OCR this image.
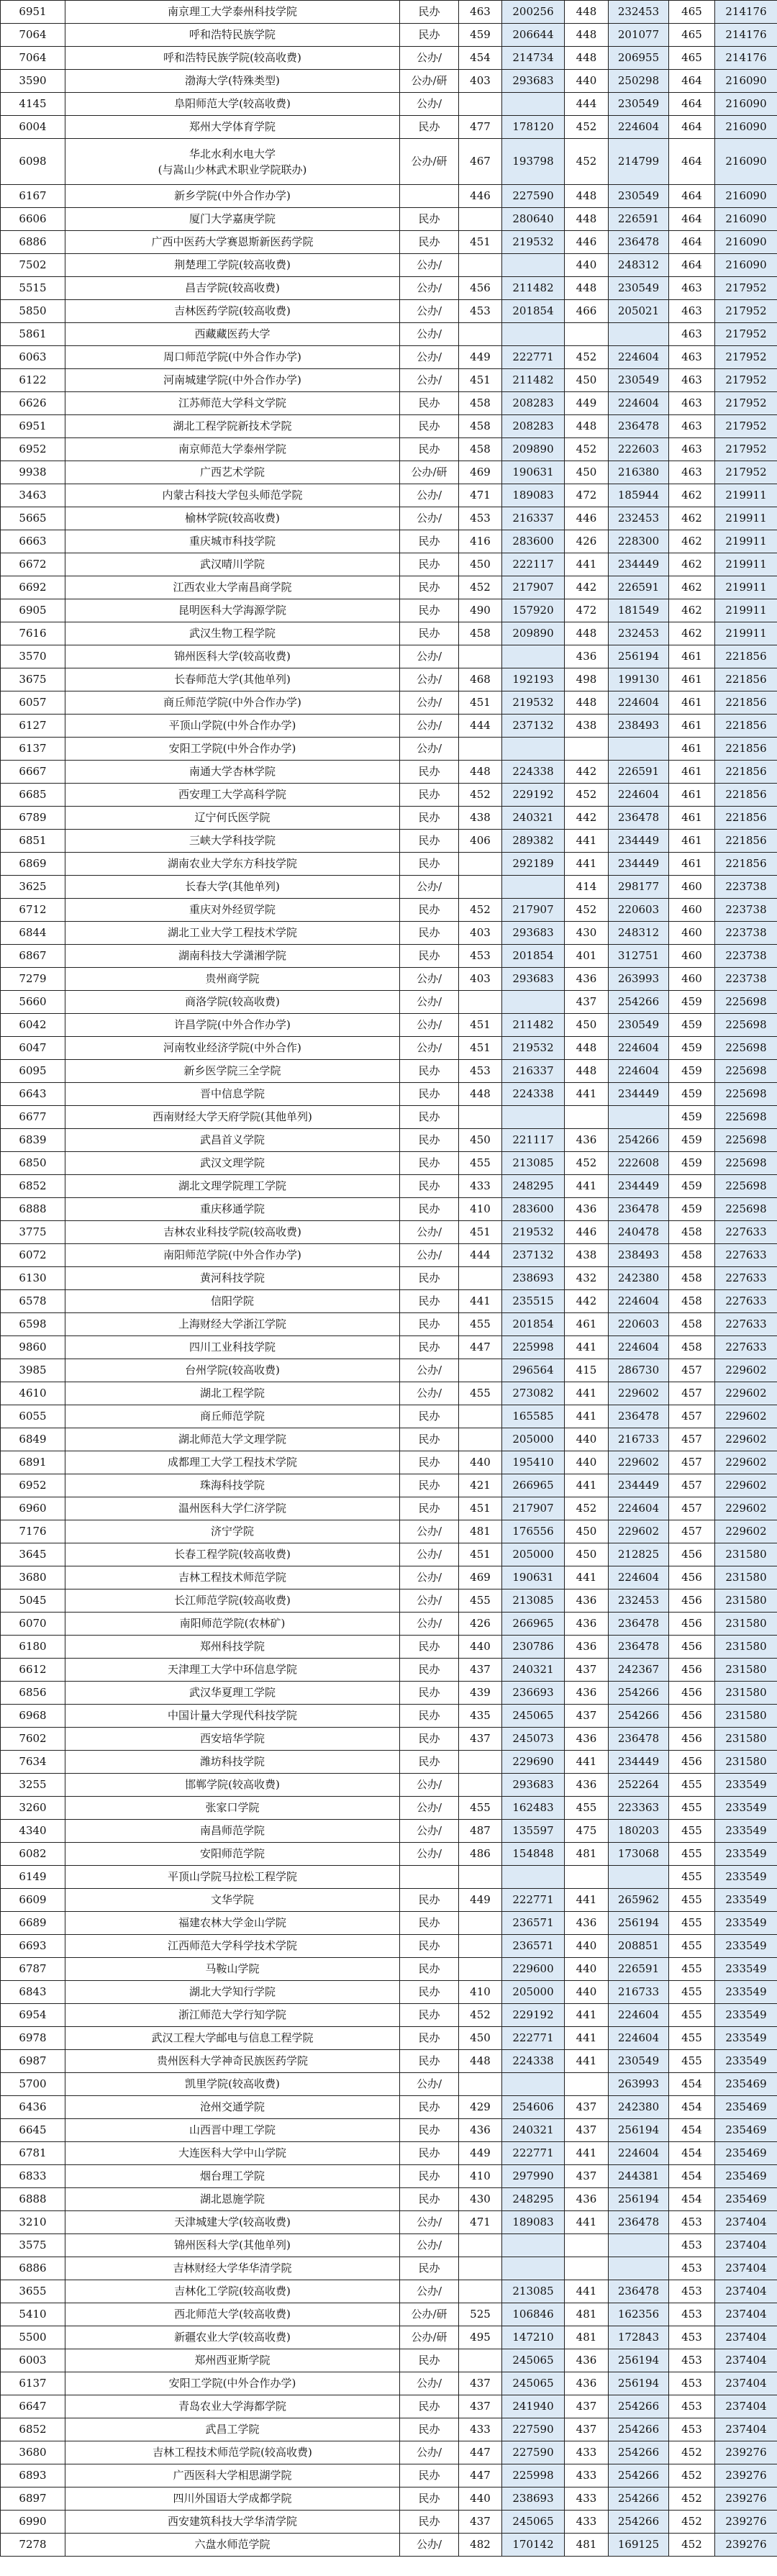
6951	南京理工大学泰州科技学院	民办	463	200256	448	232453	465	214176
7064	呼和浩特民族学院	民办	459	206644	448	201077	465	214176
7064	呼和浩特民族学院(较高收费)	公办/	454	214734	448	206955	465	214176
3590	渤海大学(特殊类型)	公办/研	403	293683	440	250298	464	216090
4145	阜阳师范大学(较高收费)	公办/			444	230549	464	216090
6004	郑州大学体育学院	民办	477	178120	452	224604	464	216090
6098	华北水利水电大学
(与嵩山少林武术职业学院联办)	公办/研	467	193798	452	214799	464	216090
6167	新乡学院(中外合作办学)		446	227590	448	230549	464	216090
6606	厦门大学嘉庚学院	民办		280640	448	226591	464	216090
6886	广西中医药大学赛恩斯新医药学院	民办	451	219532	446	236478	464	216090
7502	荆楚理工学院(较高收费)	公办/			440	248312	464	216090
5515	昌吉学院(较高收费)	公办/	456	211482	448	230549	463	217952
5850	吉林医药学院(较高收费)	公办/	453	201854	466	205021	463	217952
5861	西藏藏医药大学	公办/					463	217952
6063	周口师范学院(中外合作办学)	公办/	449	222771	452	224604	463	217952
6122	河南城建学院(中外合作办学)	公办/	451	211482	450	230549	463	217952
6626	江苏师范大学科文学院	民办	458	208283	449	224604	463	217952
6951	湖北工程学院新技术学院	民办	458	208283	448	236478	463	217952
6952	南京师范大学泰州学院	民办	458	209890	452	222603	463	217952
9938	广西艺术学院	公办/研	469	190631	450	216380	463	217952
3463	内蒙古科技大学包头师范学院	公办/	471	189083	472	185944	462	219911
5665	榆林学院(较高收费)	公办/	453	216337	446	232453	462	219911
6663	重庆城市科技学院	民办	416	283600	426	228300	462	219911
6672	武汉晴川学院	民办	450	222117	441	234449	462	219911
6692	江西农业大学南昌商学院	民办	452	217907	442	226591	462	219911
6905	昆明医科大学海源学院	民办	490	157920	472	181549	462	219911
7616	武汉生物工程学院	民办	458	209890	448	232453	462	219911
3570	锦州医科大学(较高收费)	公办/			436	256194	461	221856
3675	长春师范大学(其他单列)	公办/	468	192193	498	199130	461	221856
6057	商丘师范学院(中外合作办学)	公办/	451	219532	448	224604	461	221856
6127	平顶山学院(中外合作办学)	公办/	444	237132	438	238493	461	221856
6137	安阳工学院(中外合作办学)	公办/					461	221856
6667	南通大学杏林学院	民办	448	224338	442	226591	461	221856
6685	西安理工大学高科学院	民办	452	229192	452	224604	461	221856
6789	辽宁何氏医学院	民办	438	240321	442	236478	461	221856
6851	三峡大学科技学院	民办	406	289382	441	234449	461	221856
6869	湖南农业大学东方科技学院	民办		292189	441	234449	461	221856
3625	长春大学(其他单列)	公办/			414	298177	460	223738
6712	重庆对外经贸学院	民办	452	217907	452	220603	460	223738
6844	湖北工业大学工程技术学院	民办	403	293683	430	248312	460	223738
6867	湖南科技大学潇湘学院	民办	453	201854	401	312751	460	223738
7279	贵州商学院	公办/	403	293683	436	263993	460	223738
5660	商洛学院(较高收费)	公办/			437	254266	459	225698
6042	许昌学院(中外合作办学)	公办/	451	211482	450	230549	459	225698
6047	河南牧业经济学院(中外合作)	公办/	451	219532	448	224604	459	225698
6095	新乡医学院三全学院	民办	453	216337	448	224604	459	225698
6643	晋中信息学院	民办	448	224338	441	234449	459	225698
6677	西南财经大学天府学院(其他单列)	民办					459	225698
6839	武昌首义学院	民办	450	221117	436	254266	459	225698
6850	武汉文理学院	民办	455	213085	452	222608	459	225698
6852	湖北文理学院理工学院	民办	433	248295	441	234449	459	225698
6888	重庆移通学院	民办	410	283600	436	236478	459	225698
3775	吉林农业科技学院(较高收费)	公办/	451	219532	446	240478	458	227633
6072	南阳师范学院(中外合作办学)	公办/	444	237132	438	238493	458	227633
6130	黄河科技学院	民办		238693	432	242380	458	227633
6578	信阳学院	民办	441	235515	442	224604	458	227633
6598	上海财经大学浙江学院	民办	455	201854	461	220603	458	227633
9860	四川工业科技学院	民办	447	225998	441	224604	458	227633
3985	台州学院(较高收费)	公办/		296564	415	286730	457	229602
4610	湖北工程学院	公办/	455	273082	441	229602	457	229602
6055	商丘师范学院	民办		165585	441	236478	457	229602
6849	湖北师范大学文理学院	民办		205000	440	216733	457	229602
6891	成都理工大学工程技术学院	民办	440	195410	440	229602	457	229602
6952	珠海科技学院	民办	421	266965	441	234449	457	229602
6960	温州医科大学仁济学院	民办	451	217907	452	224604	457	229602
7176	济宁学院	公办/	481	176556	450	229602	457	229602
3645	长春工程学院(较高收费)	公办/	451	205000	450	212825	456	231580
3680	吉林工程技术师范学院	公办/	469	190631	441	224604	456	231580
5045	长江师范学院(较高收费)	公办/	455	213085	436	232453	456	231580
6070	南阳师范学院(农林矿)	公办/	426	266965	436	236478	456	231580
6180	郑州科技学院	民办	440	230786	436	236478	456	231580
6612	天津理工大学中环信息学院	民办	437	240321	437	242367	456	231580
6856	武汉华夏理工学院	民办	439	236693	436	254266	456	231580
6968	中国计量大学现代科技学院	民办	435	245065	437	254266	456	231580
7602	西安培华学院	民办	437	245073	436	236478	456	231580
7634	潍坊科技学院	民办		229690	441	234449	456	231580
3255	邯郸学院(较高收费)	公办/		293683	436	252264	455	233549
3260	张家口学院	公办/	455	162483	455	223363	455	233549
4340	南昌师范学院	公办/	487	135597	475	180203	455	233549
6082	安阳师范学院	公办/	486	154848	481	173068	455	233549
6149	平顶山学院马拉松工程学院						455	233549
6609	文华学院	民办	449	222771	441	265962	455	233549
6689	福建农林大学金山学院	民办		236571	436	256194	455	233549
6693	江西师范大学科学技术学院	民办		236571	440	208851	455	233549
6787	马鞍山学院	民办		229600	440	226591	455	233549
6843	湖北大学知行学院	民办	410	205000	440	216733	455	233549
6954	浙江师范大学行知学院	民办	452	229192	441	224604	455	233549
6978	武汉工程大学邮电与信息工程学院	民办	450	222771	441	224604	455	233549
6987	贵州医科大学神奇民族医药学院	民办	448	224338	441	230549	455	233549
5700	凯里学院(较高收费)	公办/				263993	454	235469
6436	沧州交通学院	民办	429	254606	437	242380	454	235469
6645	山西晋中理工学院	民办	436	240321	437	256194	454	235469
6781	大连医科大学中山学院	民办	449	222771	441	224604	454	235469
6833	烟台理工学院	民办	410	297990	437	244381	454	235469
6888	湖北恩施学院	民办	430	248295	436	256194	454	235469
3210	天津城建大学(较高收费)	公办/	471	189083	441	236478	453	237404
3575	锦州医科大学(其他单列)	公办/					453	237404
6886	吉林财经大学华华清学院	民办					453	237404
3655	吉林化工学院(较高收费)	公办/		213085	441	236478	453	237404
5410	西北师范大学(较高收费)	公办/研	525	106846	481	162356	453	237404
5500	新疆农业大学(较高收费)	公办/研	495	147210	481	172843	453	237404
6003	郑州西亚斯学院	民办		245065	436	256194	453	237404
6137	安阳工学院(中外合作办学)	公办/	437	245065	436	256194	453	237404
6647	青岛农业大学海都学院	民办	437	241940	437	254266	453	237404
6852	武昌工学院	民办	433	227590	437	254266	453	237404
3680	吉林工程技术师范学院(较高收费)	公办/	447	227590	433	254266	452	239276
6893	广西医科大学相思湖学院	民办	447	225998	433	254266	452	239276
6897	四川外国语大学成都学院	民办	440	238693	433	254266	452	239276
6990	西安建筑科技大学华清学院	民办	437	245065	433	254266	452	239276
7278	六盘水师范学院	公办/	482	170142	481	169125	452	239276
